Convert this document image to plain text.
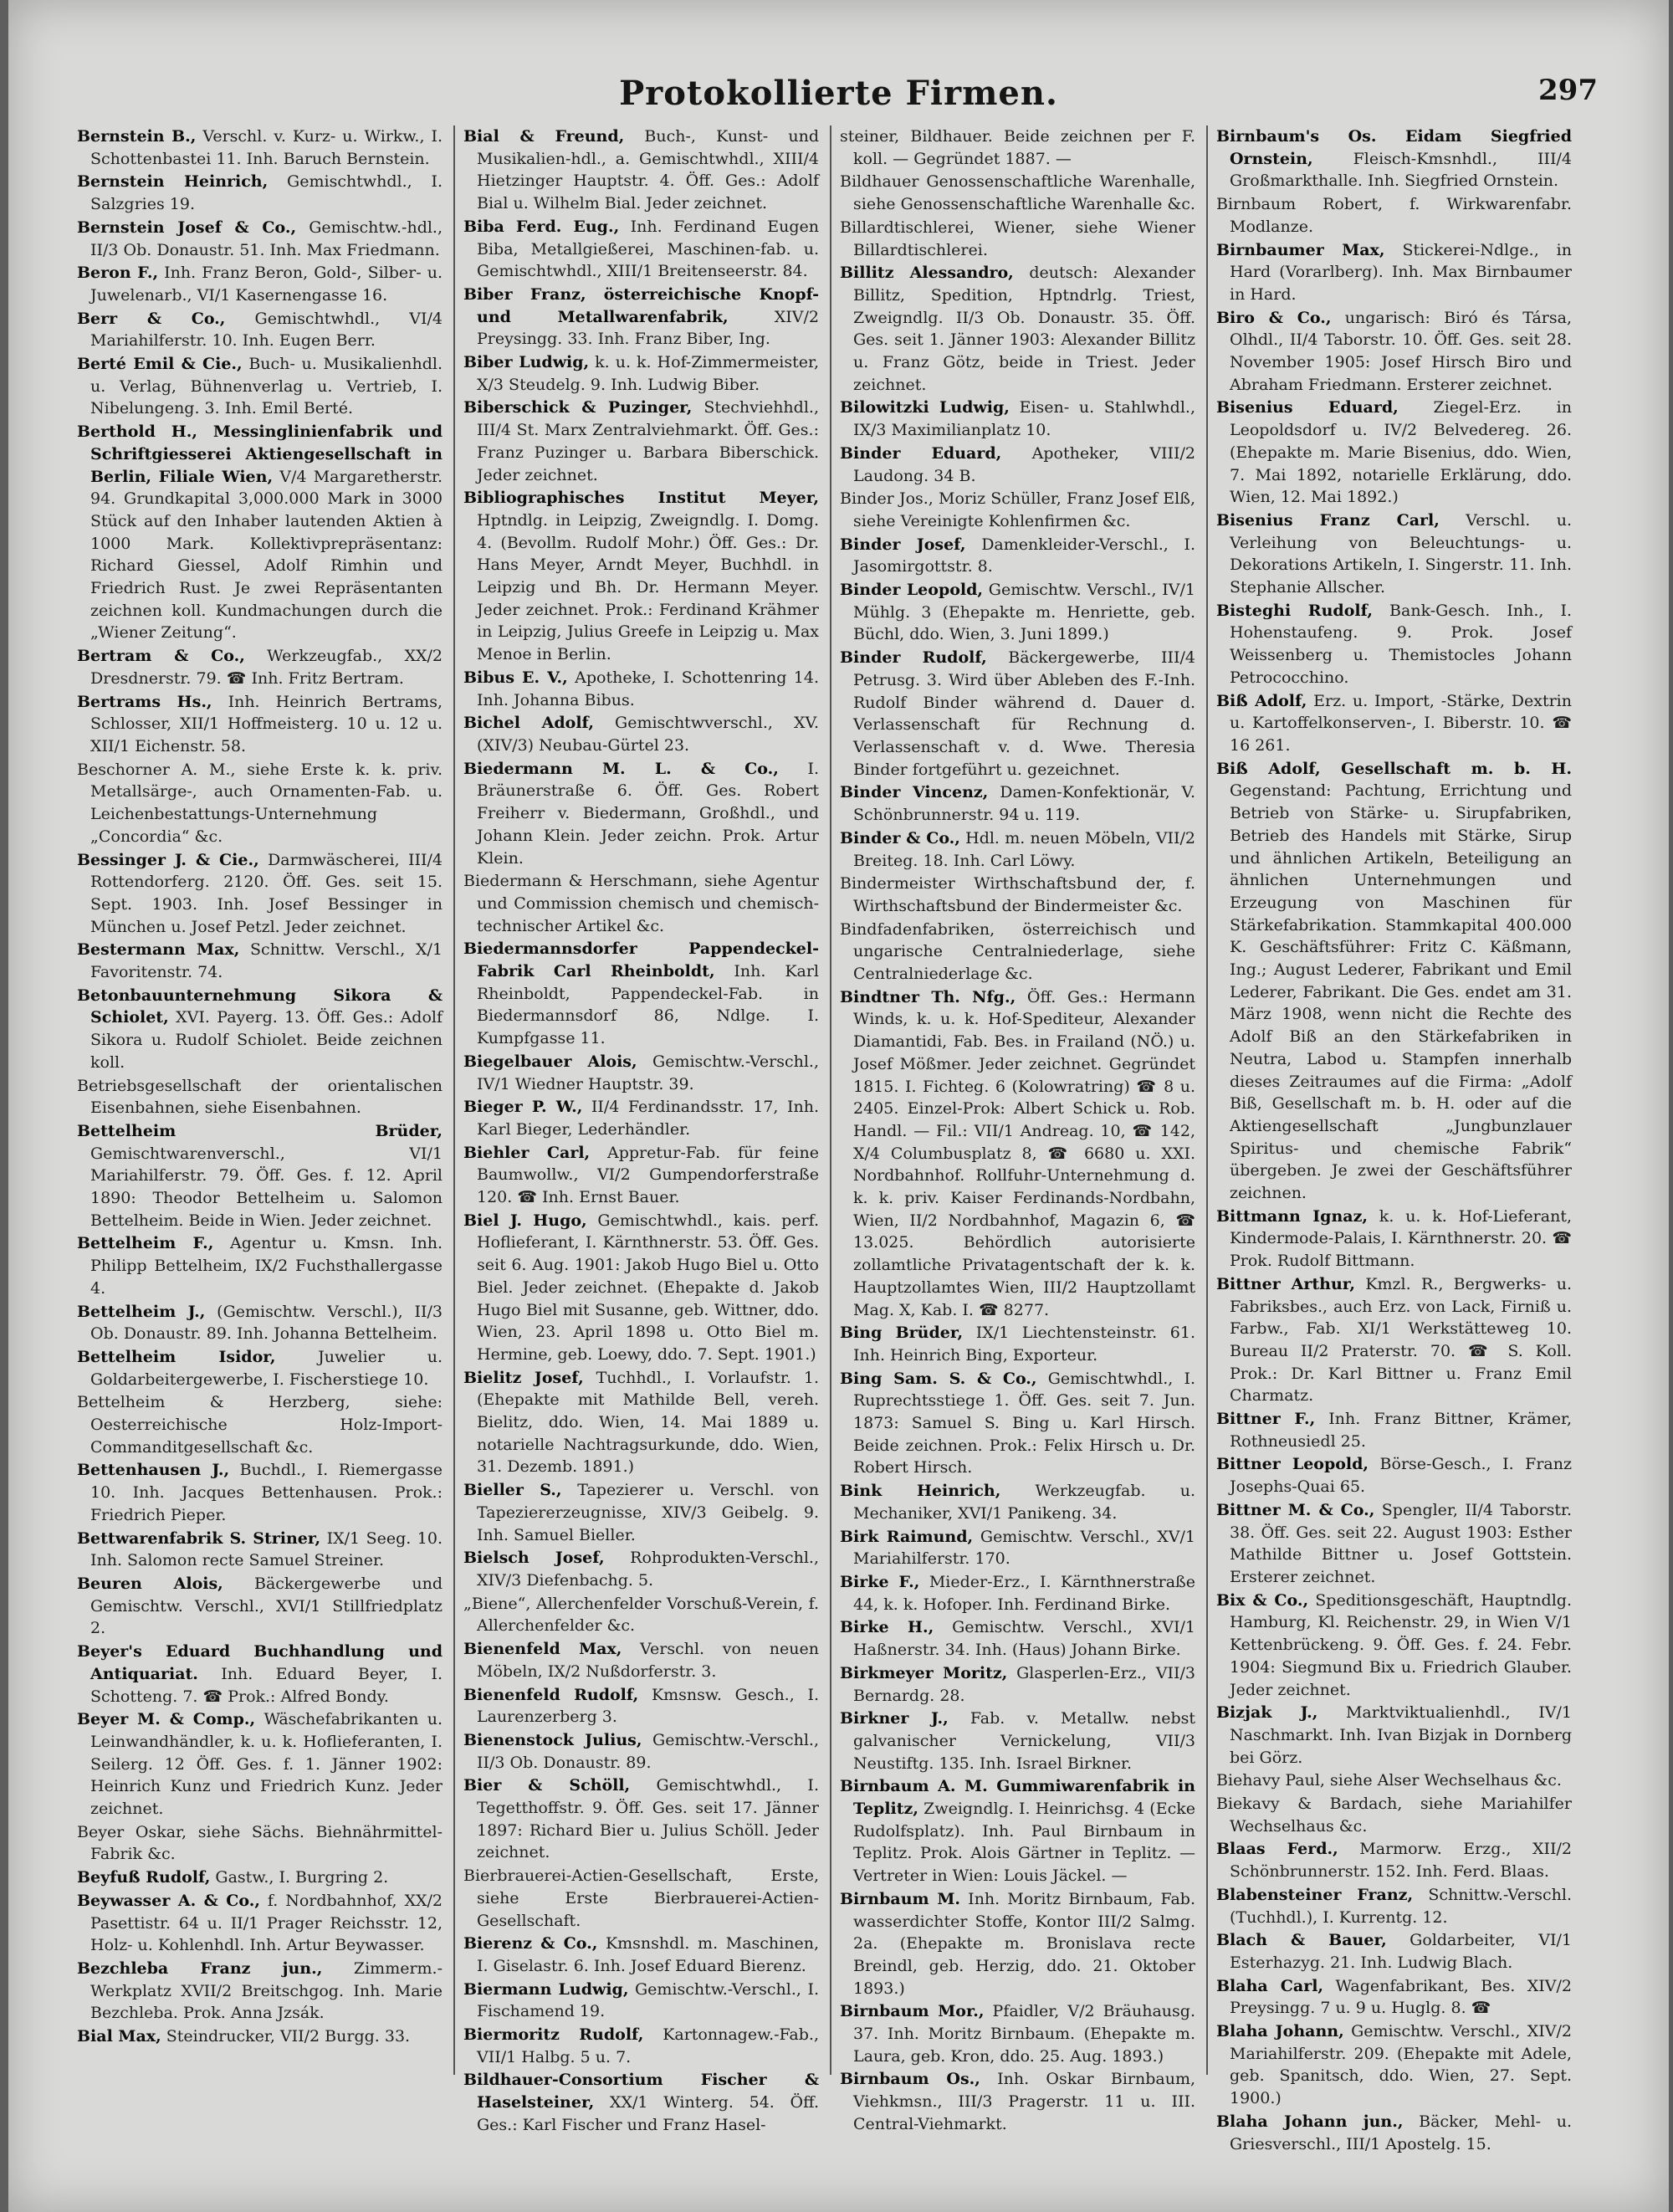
Protokollierte Firmen.	297

Bernstein B., Verschl. v. Kurz- u. Wirkw., I. Schottenbastei 11. Inh. Baruch Bernstein.

Bernstein Heinrich, Gemischtwhdl., I. Salzgries 19.

Bernstein Josef & Co., Gemischtw.-hdl., II/3 Ob. Donaustr. 51. Inh. Max Friedmann.

Beron F., Inh. Franz Beron, Gold-, Silber- u. Juwelenarb., VI/1 Kasernengasse 16.

Berr & Co., Gemischtwhdl., VI/4 Mariahilferstr. 10. Inh. Eugen Berr.

Berté Emil & Cie., Buch- u. Musikalienhdl. u. Verlag, Bühnenverlag u. Vertrieb, I. Nibelungeng. 3. Inh. Emil Berté.

Berthold H., Messinglinienfabrik und Schriftgiesserei Aktiengesellschaft in Berlin, Filiale Wien, V/4 Margaretherstr. 94. Grundkapital 3,000.000 Mark in 3000 Stück auf den Inhaber lautenden Aktien à 1000 Mark. Kollektivprepräsentanz: Richard Giessel, Adolf Rimhin und Friedrich Rust. Je zwei Repräsentanten zeichnen koll. Kundmachungen durch die „Wiener Zeitung“.

Bertram & Co., Werkzeugfab., XX/2 Dresdnerstr. 79. ☎ Inh. Fritz Bertram.

Bertrams Hs., Inh. Heinrich Bertrams, Schlosser, XII/1 Hoffmeisterg. 10 u. 12 u. XII/1 Eichenstr. 58.

Beschorner A. M., siehe Erste k. k. priv. Metallsärge-, auch Ornamenten-Fab. u. Leichenbestattungs-Unternehmung „Concordia“ &c.

Bessinger J. & Cie., Darmwäscherei, III/4 Rottendorferg. 2120. Öff. Ges. seit 15. Sept. 1903. Inh. Josef Bessinger in München u. Josef Petzl. Jeder zeichnet.

Bestermann Max, Schnittw. Verschl., X/1 Favoritenstr. 74.

Betonbauunternehmung Sikora & Schiolet, XVI. Payerg. 13. Öff. Ges.: Adolf Sikora u. Rudolf Schiolet. Beide zeichnen koll.

Betriebsgesellschaft der orientalischen Eisenbahnen, siehe Eisenbahnen.

Bettelheim Brüder, Gemischtwarenverschl., VI/1 Mariahilferstr. 79. Öff. Ges. f. 12. April 1890: Theodor Bettelheim u. Salomon Bettelheim. Beide in Wien. Jeder zeichnet.

Bettelheim F., Agentur u. Kmsn. Inh. Philipp Bettelheim, IX/2 Fuchsthallergasse 4.

Bettelheim J., (Gemischtw. Verschl.), II/3 Ob. Donaustr. 89. Inh. Johanna Bettelheim.

Bettelheim Isidor, Juwelier u. Goldarbeitergewerbe, I. Fischerstiege 10.

Bettelheim & Herzberg, siehe: Oesterreichische Holz-Import-Commanditgesellschaft &c.

Bettenhausen J., Buchdl., I. Riemergasse 10. Inh. Jacques Bettenhausen. Prok.: Friedrich Pieper.

Bettwarenfabrik S. Striner, IX/1 Seeg. 10. Inh. Salomon recte Samuel Streiner.

Beuren Alois, Bäckergewerbe und Gemischtw. Verschl., XVI/1 Stillfriedplatz 2.

Beyer's Eduard Buchhandlung und Antiquariat. Inh. Eduard Beyer, I. Schotteng. 7. ☎ Prok.: Alfred Bondy.

Beyer M. & Comp., Wäschefabrikanten u. Leinwandhändler, k. u. k. Hoflieferanten, I. Seilerg. 12 Öff. Ges. f. 1. Jänner 1902: Heinrich Kunz und Friedrich Kunz. Jeder zeichnet.

Beyer Oskar, siehe Sächs. Biehnährmittel-Fabrik &c.

Beyfuß Rudolf, Gastw., I. Burgring 2.

Beywasser A. & Co., f. Nordbahnhof, XX/2 Pasettistr. 64 u. II/1 Prager Reichsstr. 12, Holz- u. Kohlenhdl. Inh. Artur Beywasser.

Bezchleba Franz jun., Zimmerm.-Werkplatz XVII/2 Breitschgog. Inh. Marie Bezchleba. Prok. Anna Jzsák.

Bial Max, Steindrucker, VII/2 Burgg. 33.

Bial & Freund, Buch-, Kunst- und Musikalien-hdl., a. Gemischtwhdl., XIII/4 Hietzinger Hauptstr. 4. Öff. Ges.: Adolf Bial u. Wilhelm Bial. Jeder zeichnet.

Biba Ferd. Eug., Inh. Ferdinand Eugen Biba, Metallgießerei, Maschinen-fab. u. Gemischtwhdl., XIII/1 Breitenseerstr. 84.

Biber Franz, österreichische Knopf- und Metallwarenfabrik, XIV/2 Preysingg. 33. Inh. Franz Biber, Ing.

Biber Ludwig, k. u. k. Hof-Zimmermeister, X/3 Steudelg. 9. Inh. Ludwig Biber.

Biberschick & Puzinger, Stechviehhdl., III/4 St. Marx Zentralviehmarkt. Öff. Ges.: Franz Puzinger u. Barbara Biberschick. Jeder zeichnet.

Bibliographisches Institut Meyer, Hptndlg. in Leipzig, Zweigndlg. I. Domg. 4. (Bevollm. Rudolf Mohr.) Öff. Ges.: Dr. Hans Meyer, Arndt Meyer, Buchhdl. in Leipzig und Bh. Dr. Hermann Meyer. Jeder zeichnet. Prok.: Ferdinand Krähmer in Leipzig, Julius Greefe in Leipzig u. Max Menoe in Berlin.

Bibus E. V., Apotheke, I. Schottenring 14. Inh. Johanna Bibus.

Bichel Adolf, Gemischtwverschl., XV. (XIV/3) Neubau-Gürtel 23.

Biedermann M. L. & Co., I. Bräunerstraße 6. Öff. Ges. Robert Freiherr v. Biedermann, Großhdl., und Johann Klein. Jeder zeichn. Prok. Artur Klein.

Biedermann & Herschmann, siehe Agentur und Commission chemisch und chemisch-technischer Artikel &c.

Biedermannsdorfer Pappendeckel-Fabrik Carl Rheinboldt, Inh. Karl Rheinboldt, Pappendeckel-Fab. in Biedermannsdorf 86, Ndlge. I. Kumpfgasse 11.

Biegelbauer Alois, Gemischtw.-Verschl., IV/1 Wiedner Hauptstr. 39.

Bieger P. W., II/4 Ferdinandsstr. 17, Inh. Karl Bieger, Lederhändler.

Biehler Carl, Appretur-Fab. für feine Baumwollw., VI/2 Gumpendorferstraße 120. ☎ Inh. Ernst Bauer.

Biel J. Hugo, Gemischtwhdl., kais. perf. Hoflieferant, I. Kärnthnerstr. 53. Öff. Ges. seit 6. Aug. 1901: Jakob Hugo Biel u. Otto Biel. Jeder zeichnet. (Ehepakte d. Jakob Hugo Biel mit Susanne, geb. Wittner, ddo. Wien, 23. April 1898 u. Otto Biel m. Hermine, geb. Loewy, ddo. 7. Sept. 1901.)

Bielitz Josef, Tuchhdl., I. Vorlaufstr. 1. (Ehepakte mit Mathilde Bell, vereh. Bielitz, ddo. Wien, 14. Mai 1889 u. notarielle Nachtragsurkunde, ddo. Wien, 31. Dezemb. 1891.)

Bieller S., Tapezierer u. Verschl. von Tapeziererzeugnisse, XIV/3 Geibelg. 9. Inh. Samuel Bieller.

Bielsch Josef, Rohprodukten-Verschl., XIV/3 Diefenbachg. 5.

„Biene“, Allerchenfelder Vorschuß-Verein, f. Allerchenfelder &c.

Bienenfeld Max, Verschl. von neuen Möbeln, IX/2 Nußdorferstr. 3.

Bienenfeld Rudolf, Kmsnsw. Gesch., I. Laurenzerberg 3.

Bienenstock Julius, Gemischtw.-Verschl., II/3 Ob. Donaustr. 89.

Bier & Schöll, Gemischtwhdl., I. Tegetthoffstr. 9. Öff. Ges. seit 17. Jänner 1897: Richard Bier u. Julius Schöll. Jeder zeichnet.

Bierbrauerei-Actien-Gesellschaft, Erste, siehe Erste Bierbrauerei-Actien-Gesellschaft.

Bierenz & Co., Kmsnshdl. m. Maschinen, I. Giselastr. 6. Inh. Josef Eduard Bierenz.

Biermann Ludwig, Gemischtw.-Verschl., I. Fischamend 19.

Biermoritz Rudolf, Kartonnagew.-Fab., VII/1 Halbg. 5 u. 7.

Bildhauer-Consortium Fischer & Haselsteiner, XX/1 Winterg. 54. Öff. Ges.: Karl Fischer und Franz Hasel-

steiner, Bildhauer. Beide zeichnen per F. koll. — Gegründet 1887. —

Bildhauer Genossenschaftliche Warenhalle, siehe Genossenschaftliche Warenhalle &c.

Billardtischlerei, Wiener, siehe Wiener Billardtischlerei.

Billitz Alessandro, deutsch: Alexander Billitz, Spedition, Hptndrlg. Triest, Zweigndlg. II/3 Ob. Donaustr. 35. Öff. Ges. seit 1. Jänner 1903: Alexander Billitz u. Franz Götz, beide in Triest. Jeder zeichnet.

Bilowitzki Ludwig, Eisen- u. Stahlwhdl., IX/3 Maximilianplatz 10.

Binder Eduard, Apotheker, VIII/2 Laudong. 34 B.

Binder Jos., Moriz Schüller, Franz Josef Elß, siehe Vereinigte Kohlenfirmen &c.

Binder Josef, Damenkleider-Verschl., I. Jasomirgottstr. 8.

Binder Leopold, Gemischtw. Verschl., IV/1 Mühlg. 3 (Ehepakte m. Henriette, geb. Büchl, ddo. Wien, 3. Juni 1899.)

Binder Rudolf, Bäckergewerbe, III/4 Petrusg. 3. Wird über Ableben des F.-Inh. Rudolf Binder während d. Dauer d. Verlassenschaft für Rechnung d. Verlassenschaft v. d. Wwe. Theresia Binder fortgeführt u. gezeichnet.

Binder Vincenz, Damen-Konfektionär, V. Schönbrunnerstr. 94 u. 119.

Binder & Co., Hdl. m. neuen Möbeln, VII/2 Breiteg. 18. Inh. Carl Löwy.

Bindermeister Wirthschaftsbund der, f. Wirthschaftsbund der Bindermeister &c.

Bindfadenfabriken, österreichisch und ungarische Centralniederlage, siehe Centralniederlage &c.

Bindtner Th. Nfg., Öff. Ges.: Hermann Winds, k. u. k. Hof-Spediteur, Alexander Diamantidi, Fab. Bes. in Frailand (NÖ.) u. Josef Mößmer. Jeder zeichnet. Gegründet 1815. I. Fichteg. 6 (Kolowratring) ☎ 8 u. 2405. Einzel-Prok: Albert Schick u. Rob. Handl. — Fil.: VII/1 Andreag. 10, ☎ 142, X/4 Columbusplatz 8, ☎ 6680 u. XXI. Nordbahnhof. Rollfuhr-Unternehmung d. k. k. priv. Kaiser Ferdinands-Nordbahn, Wien, II/2 Nordbahnhof, Magazin 6, ☎ 13.025. Behördlich autorisierte zollamtliche Privatagentschaft der k. k. Hauptzollamtes Wien, III/2 Hauptzollamt Mag. X, Kab. I. ☎ 8277.

Bing Brüder, IX/1 Liechtensteinstr. 61. Inh. Heinrich Bing, Exporteur.

Bing Sam. S. & Co., Gemischtwhdl., I. Ruprechtsstiege 1. Öff. Ges. seit 7. Jun. 1873: Samuel S. Bing u. Karl Hirsch. Beide zeichnen. Prok.: Felix Hirsch u. Dr. Robert Hirsch.

Bink Heinrich, Werkzeugfab. u. Mechaniker, XVI/1 Panikeng. 34.

Birk Raimund, Gemischtw. Verschl., XV/1 Mariahilferstr. 170.

Birke F., Mieder-Erz., I. Kärnthnerstraße 44, k. k. Hofoper. Inh. Ferdinand Birke.

Birke H., Gemischtw. Verschl., XVI/1 Haßnerstr. 34. Inh. (Haus) Johann Birke.

Birkmeyer Moritz, Glasperlen-Erz., VII/3 Bernardg. 28.

Birkner J., Fab. v. Metallw. nebst galvanischer Vernickelung, VII/3 Neustiftg. 135. Inh. Israel Birkner.

Birnbaum A. M. Gummiwarenfabrik in Teplitz, Zweigndlg. I. Heinrichsg. 4 (Ecke Rudolfsplatz). Inh. Paul Birnbaum in Teplitz. Prok. Alois Gärtner in Teplitz. — Vertreter in Wien: Louis Jäckel. —

Birnbaum M. Inh. Moritz Birnbaum, Fab. wasserdichter Stoffe, Kontor III/2 Salmg. 2a. (Ehepakte m. Bronislava recte Breindl, geb. Herzig, ddo. 21. Oktober 1893.)

Birnbaum Mor., Pfaidler, V/2 Bräuhausg. 37. Inh. Moritz Birnbaum. (Ehepakte m. Laura, geb. Kron, ddo. 25. Aug. 1893.)

Birnbaum Os., Inh. Oskar Birnbaum, Viehkmsn., III/3 Pragerstr. 11 u. III. Central-Viehmarkt.

Birnbaum's Os. Eidam Siegfried Ornstein, Fleisch-Kmsnhdl., III/4 Großmarkthalle. Inh. Siegfried Ornstein.

Birnbaum Robert, f. Wirkwarenfabr. Modlanze.

Birnbaumer Max, Stickerei-Ndlge., in Hard (Vorarlberg). Inh. Max Birnbaumer in Hard.

Biro & Co., ungarisch: Biró és Társa, Olhdl., II/4 Taborstr. 10. Öff. Ges. seit 28. November 1905: Josef Hirsch Biro und Abraham Friedmann. Ersterer zeichnet.

Bisenius Eduard, Ziegel-Erz. in Leopoldsdorf u. IV/2 Belvedereg. 26. (Ehepakte m. Marie Bisenius, ddo. Wien, 7. Mai 1892, notarielle Erklärung, ddo. Wien, 12. Mai 1892.)

Bisenius Franz Carl, Verschl. u. Verleihung von Beleuchtungs- u. Dekorations Artikeln, I. Singerstr. 11. Inh. Stephanie Allscher.

Bisteghi Rudolf, Bank-Gesch. Inh., I. Hohenstaufeng. 9. Prok. Josef Weissenberg u. Themistocles Johann Petrococchino.

Biß Adolf, Erz. u. Import, -Stärke, Dextrin u. Kartoffelkonserven-, I. Biberstr. 10. ☎ 16 261.

Biß Adolf, Gesellschaft m. b. H. Gegenstand: Pachtung, Errichtung und Betrieb von Stärke- u. Sirupfabriken, Betrieb des Handels mit Stärke, Sirup und ähnlichen Artikeln, Beteiligung an ähnlichen Unternehmungen und Erzeugung von Maschinen für Stärkefabrikation. Stammkapital 400.000 K. Geschäftsführer: Fritz C. Käßmann, Ing.; August Lederer, Fabrikant und Emil Lederer, Fabrikant. Die Ges. endet am 31. März 1908, wenn nicht die Rechte des Adolf Biß an den Stärkefabriken in Neutra, Labod u. Stampfen innerhalb dieses Zeitraumes auf die Firma: „Adolf Biß, Gesellschaft m. b. H. oder auf die Aktiengesellschaft „Jungbunzlauer Spiritus- und chemische Fabrik“ übergeben. Je zwei der Geschäftsführer zeichnen.

Bittmann Ignaz, k. u. k. Hof-Lieferant, Kindermode-Palais, I. Kärnthnerstr. 20. ☎ Prok. Rudolf Bittmann.

Bittner Arthur, Kmzl. R., Bergwerks- u. Fabriksbes., auch Erz. von Lack, Firniß u. Farbw., Fab. XI/1 Werkstätteweg 10. Bureau II/2 Praterstr. 70. ☎ S. Koll. Prok.: Dr. Karl Bittner u. Franz Emil Charmatz.

Bittner F., Inh. Franz Bittner, Krämer, Rothneusiedl 25.

Bittner Leopold, Börse-Gesch., I. Franz Josephs-Quai 65.

Bittner M. & Co., Spengler, II/4 Taborstr. 38. Öff. Ges. seit 22. August 1903: Esther Mathilde Bittner u. Josef Gottstein. Ersterer zeichnet.

Bix & Co., Speditionsgeschäft, Hauptndlg. Hamburg, Kl. Reichenstr. 29, in Wien V/1 Kettenbrückeng. 9. Öff. Ges. f. 24. Febr. 1904: Siegmund Bix u. Friedrich Glauber. Jeder zeichnet.

Bizjak J., Marktviktualienhdl., IV/1 Naschmarkt. Inh. Ivan Bizjak in Dornberg bei Görz.

Biehavy Paul, siehe Alser Wechselhaus &c.

Biekavy & Bardach, siehe Mariahilfer Wechselhaus &c.

Blaas Ferd., Marmorw. Erzg., XII/2 Schönbrunnerstr. 152. Inh. Ferd. Blaas.

Blabensteiner Franz, Schnittw.-Verschl. (Tuchhdl.), I. Kurrentg. 12.

Blach & Bauer, Goldarbeiter, VI/1 Esterhazyg. 21. Inh. Ludwig Blach.

Blaha Carl, Wagenfabrikant, Bes. XIV/2 Preysingg. 7 u. 9 u. Huglg. 8. ☎

Blaha Johann, Gemischtw. Verschl., XIV/2 Mariahilferstr. 209. (Ehepakte mit Adele, geb. Spanitsch, ddo. Wien, 27. Sept. 1900.)

Blaha Johann jun., Bäcker, Mehl- u. Griesverschl., III/1 Apostelg. 15.
